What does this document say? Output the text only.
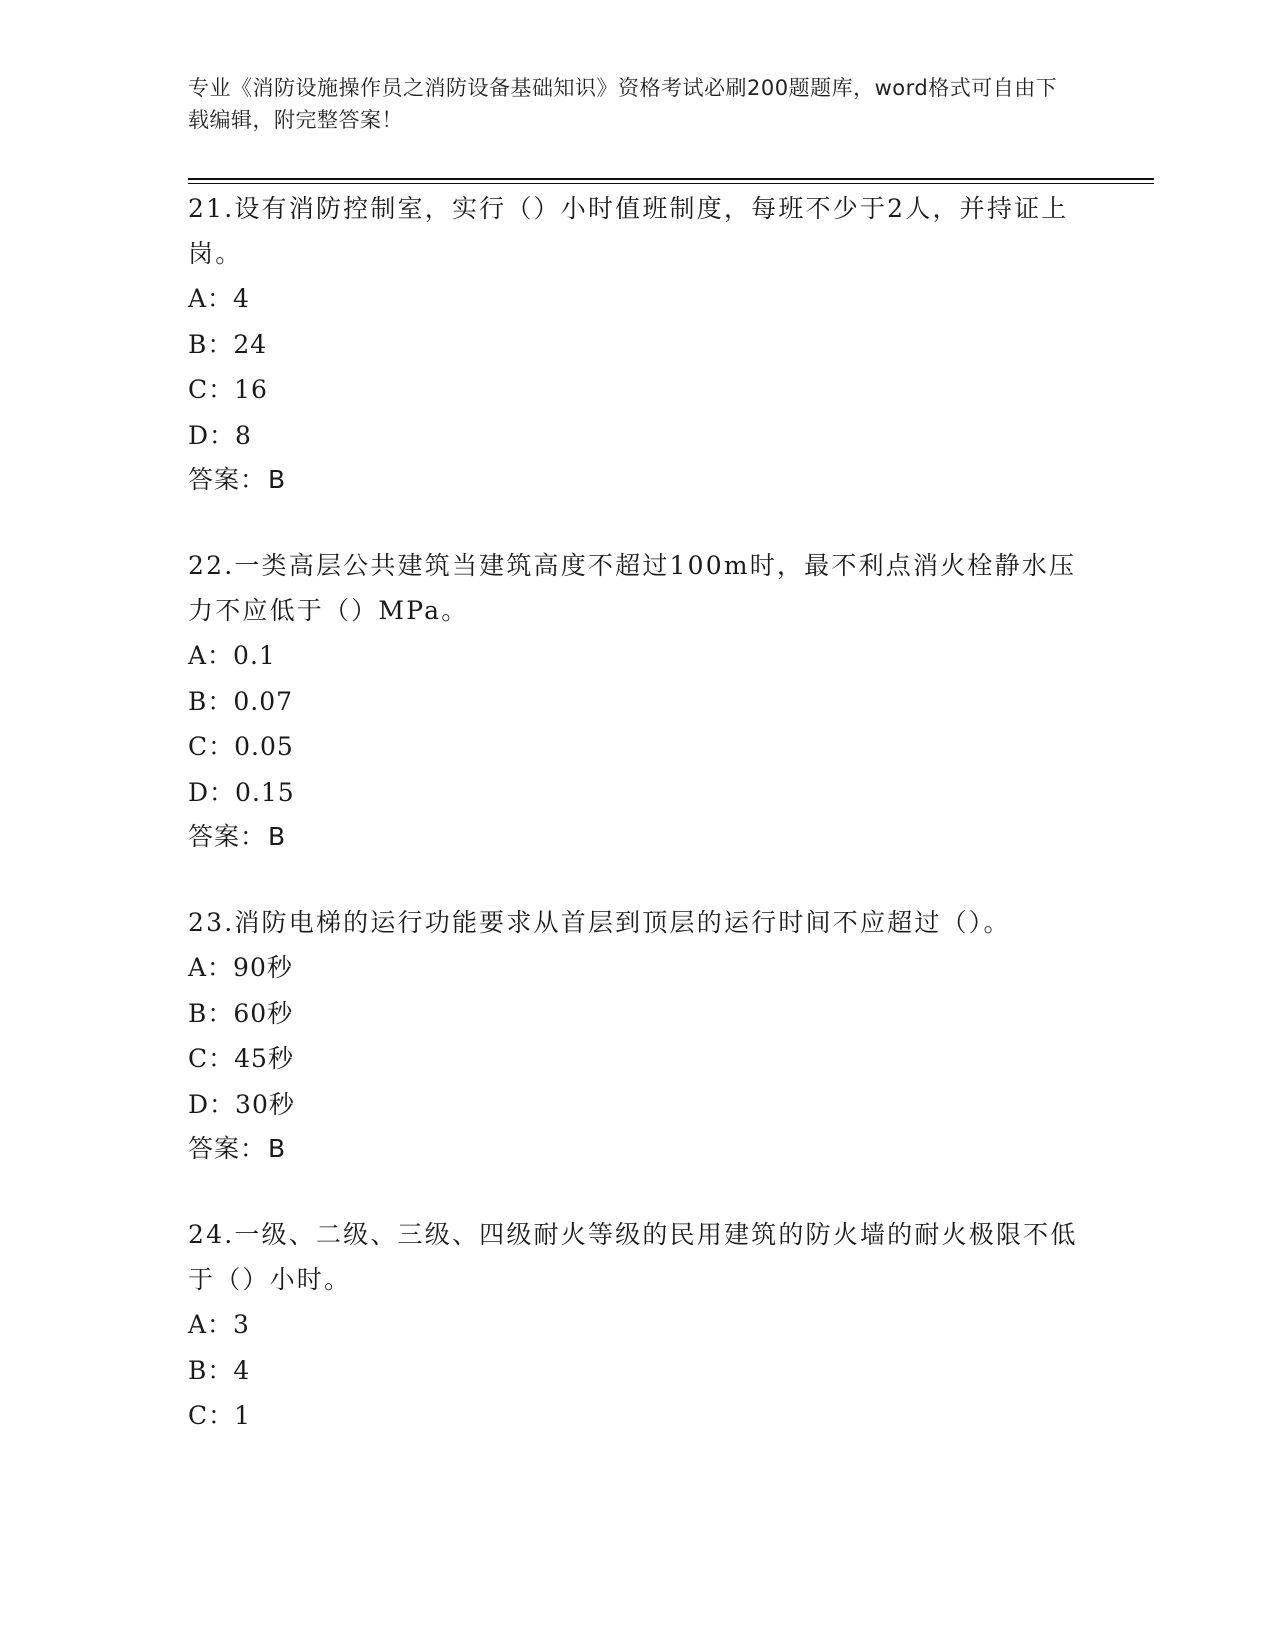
专业《消防设施操作员之消防设备基础知识》资格考试必刷200题题库，word格式可自由下载编辑，附完整答案！

21.设有消防控制室，实行（）小时值班制度，每班不少于2人，并持证上岗。

A：4

B：24

C：16

D：8

答案：B

22.一类高层公共建筑当建筑高度不超过100m时，最不利点消火栓静水压力不应低于（）MPa。

A：0.1

B：0.07

C：0.05

D：0.15

答案：B

23.消防电梯的运行功能要求从首层到顶层的运行时间不应超过（）。

A：90秒

B：60秒

C：45秒

D：30秒

答案：B

24.一级、二级、三级、四级耐火等级的民用建筑的防火墙的耐火极限不低于（）小时。

A：3

B：4

C：1
